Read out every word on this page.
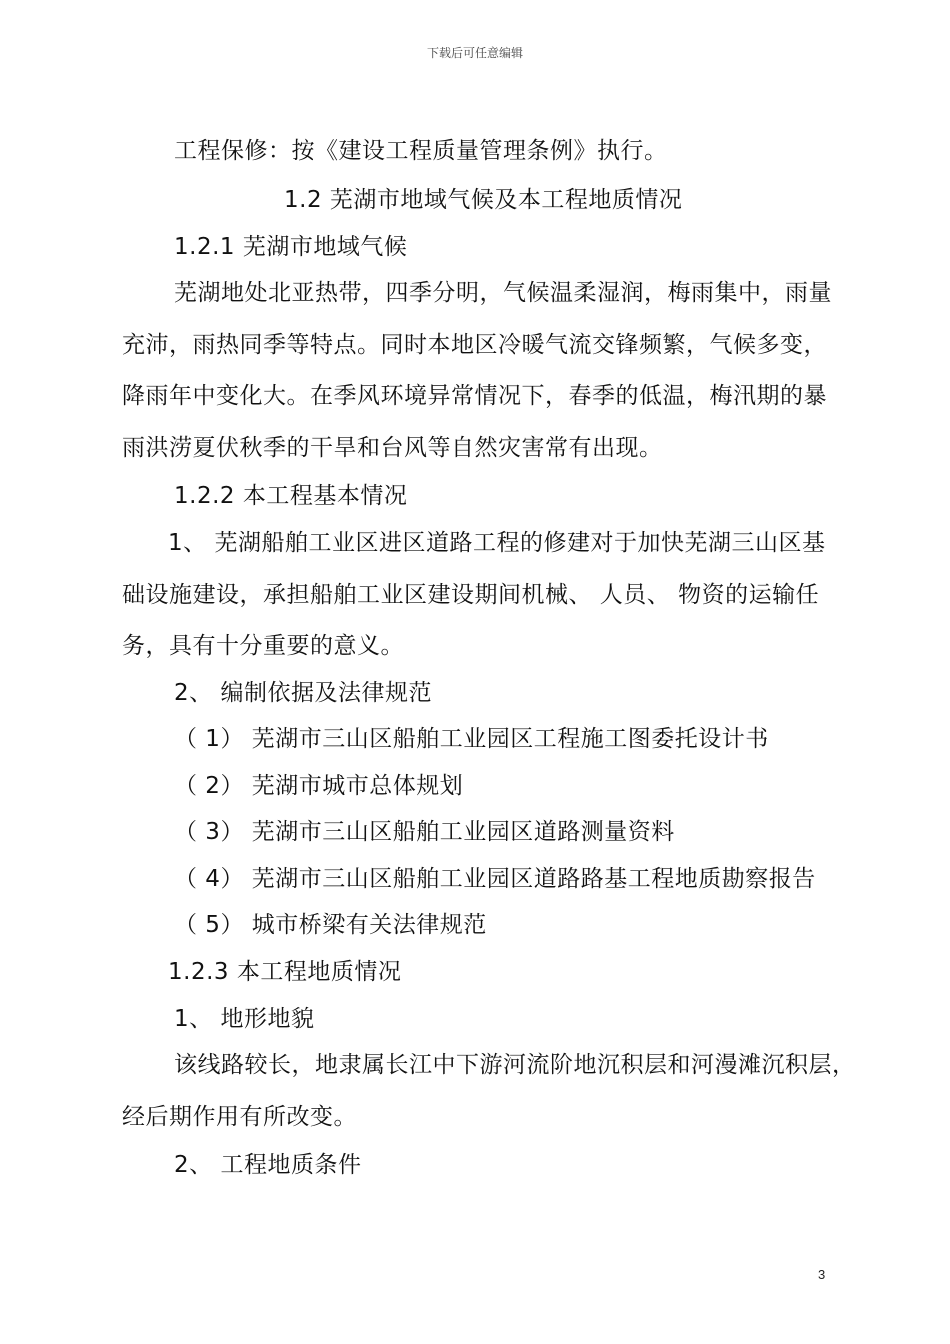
下载后可任意编辑
工程保修：按《建设工程质量管理条例》执行。
1.2 芜湖市地域气候及本工程地质情况
1.2.1 芜湖市地域气候
芜湖地处北亚热带，四季分明，气候温柔湿润，梅雨集中，雨量
充沛，雨热同季等特点。同时本地区冷暖气流交锋频繁，气候多变，
降雨年中变化大。在季风环境异常情况下，春季的低温，梅汛期的暴
雨洪涝夏伏秋季的干旱和台风等自然灾害常有出现。
1.2.2 本工程基本情况
1、 芜湖船舶工业区进区道路工程的修建对于加快芜湖三山区基
础设施建设，承担船舶工业区建设期间机械、 人员、 物资的运输任
务，具有十分重要的意义。
2、 编制依据及法律规范
（ 1） 芜湖市三山区船舶工业园区工程施工图委托设计书
（ 2） 芜湖市城市总体规划
（ 3） 芜湖市三山区船舶工业园区道路测量资料
（ 4） 芜湖市三山区船舶工业园区道路路基工程地质勘察报告
（ 5） 城市桥梁有关法律规范
1.2.3 本工程地质情况
1、 地形地貌
该线路较长，地隶属长江中下游河流阶地沉积层和河漫滩沉积层，
经后期作用有所改变。
2、 工程地质条件
3
